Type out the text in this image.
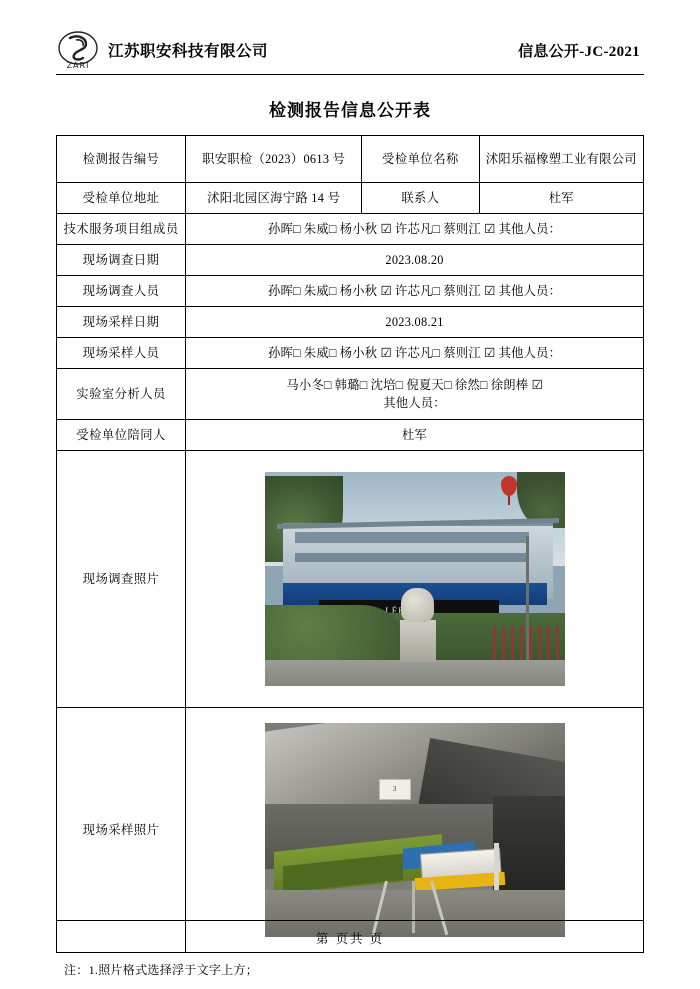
ZARI
江苏职安科技有限公司	信息公开-JC-2021
检测报告信息公开表
检测报告编号	职安职检（2023）0613 号	受检单位名称	沭阳乐福橡塑工业有限公司
受检单位地址	沭阳北园区海宁路 14 号	联系人	杜军
技术服务项目组成员	孙晖□ 朱威□ 杨小秋 ☑ 许芯凡□ 蔡则江 ☑ 其他人员：		
现场调查日期	2023.08.20		
现场调查人员	孙晖□ 朱威□ 杨小秋 ☑ 许芯凡□ 蔡则江 ☑ 其他人员：		
现场采样日期	2023.08.21		
现场采样人员	孙晖□ 朱威□ 杨小秋 ☑ 许芯凡□ 蔡则江 ☑ 其他人员：		
实验室分析人员	马小冬□ 韩璐□ 沈培□ 倪夏天□ 徐然□ 徐朗棒 ☑
其他人员：		

受检单位陪同人	杜军		
现场调查照片	

现场采样照片	3		
注：1.照片格式选择浮于文字上方；
第 页共 页
